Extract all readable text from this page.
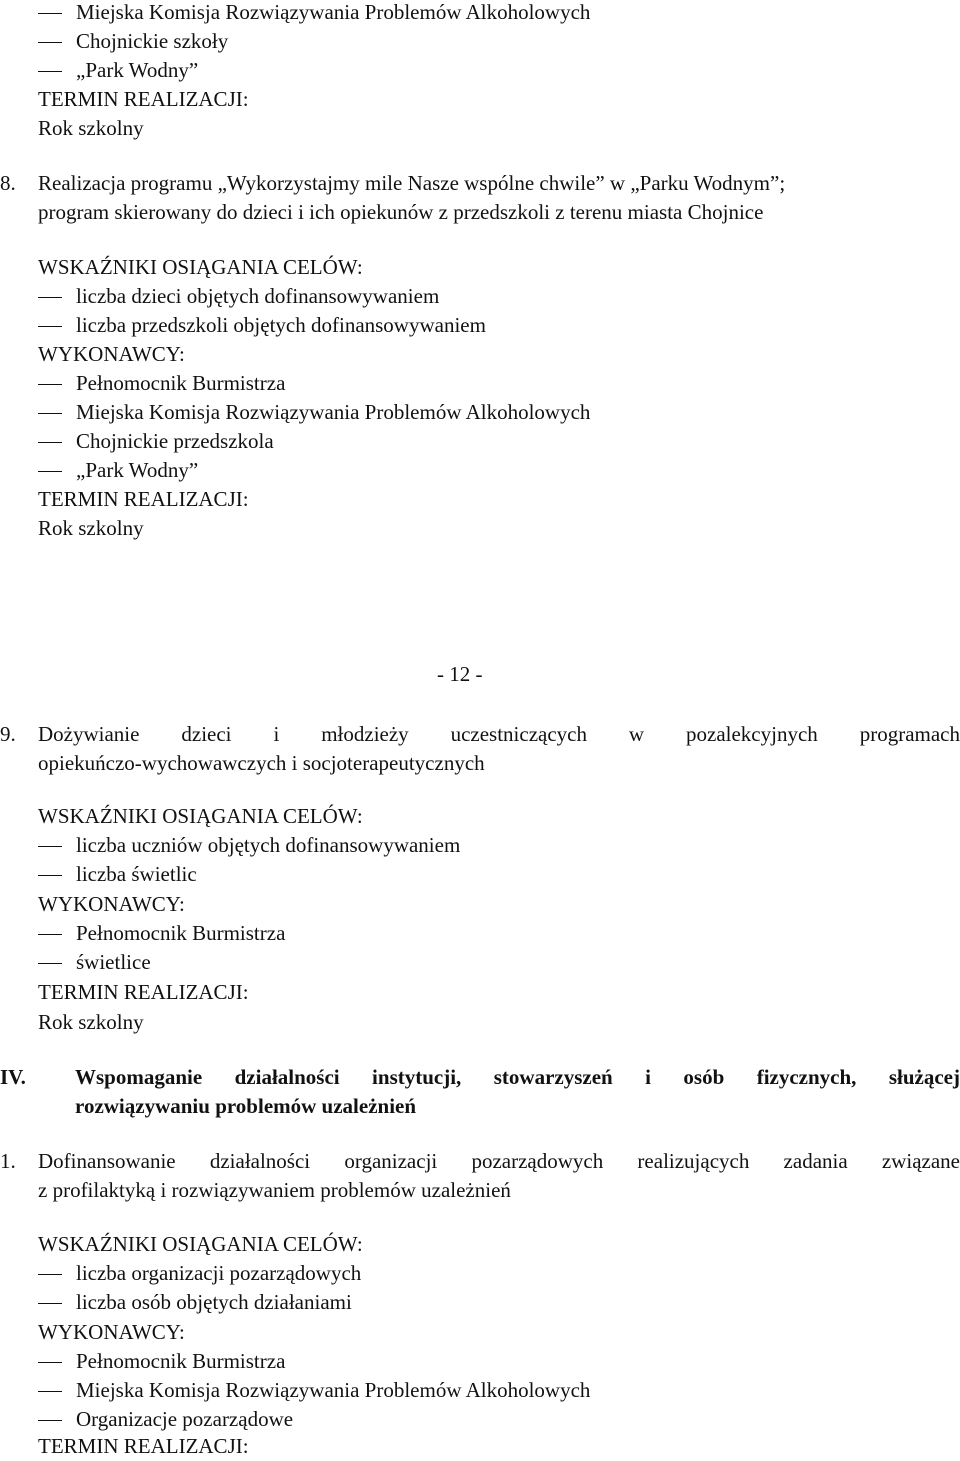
Miejska Komisja Rozwiązywania Problemów Alkoholowych
Chojnickie szkoły
„Park Wodny”
TERMIN REALIZACJI:
Rok szkolny
8. Realizacja programu „Wykorzystajmy mile Nasze wspólne chwile” w „Parku Wodnym”;
program skierowany do dzieci i ich opiekunów z przedszkoli z terenu miasta Chojnice
WSKAŹNIKI OSIĄGANIA CELÓW:
liczba dzieci objętych dofinansowywaniem
liczba przedszkoli objętych dofinansowywaniem
WYKONAWCY:
Pełnomocnik Burmistrza
Miejska Komisja Rozwiązywania Problemów Alkoholowych
Chojnickie przedszkola
„Park Wodny”
TERMIN REALIZACJI:
Rok szkolny
- 12 -
9. Dożywianie dzieci i młodzieży uczestniczących w pozalekcyjnych programach
opiekuńczo-wychowawczych i socjoterapeutycznych
WSKAŹNIKI OSIĄGANIA CELÓW:
liczba uczniów objętych dofinansowywaniem
liczba świetlic
WYKONAWCY:
Pełnomocnik Burmistrza
świetlice
TERMIN REALIZACJI:
Rok szkolny
IV. Wspomaganie działalności instytucji, stowarzyszeń i osób fizycznych, służącej
rozwiązywaniu problemów uzależnień
1. Dofinansowanie działalności organizacji pozarządowych realizujących zadania związane
z profilaktyką i rozwiązywaniem problemów uzależnień
WSKAŹNIKI OSIĄGANIA CELÓW:
liczba organizacji pozarządowych
liczba osób objętych działaniami
WYKONAWCY:
Pełnomocnik Burmistrza
Miejska Komisja Rozwiązywania Problemów Alkoholowych
Organizacje pozarządowe
TERMIN REALIZACJI:
